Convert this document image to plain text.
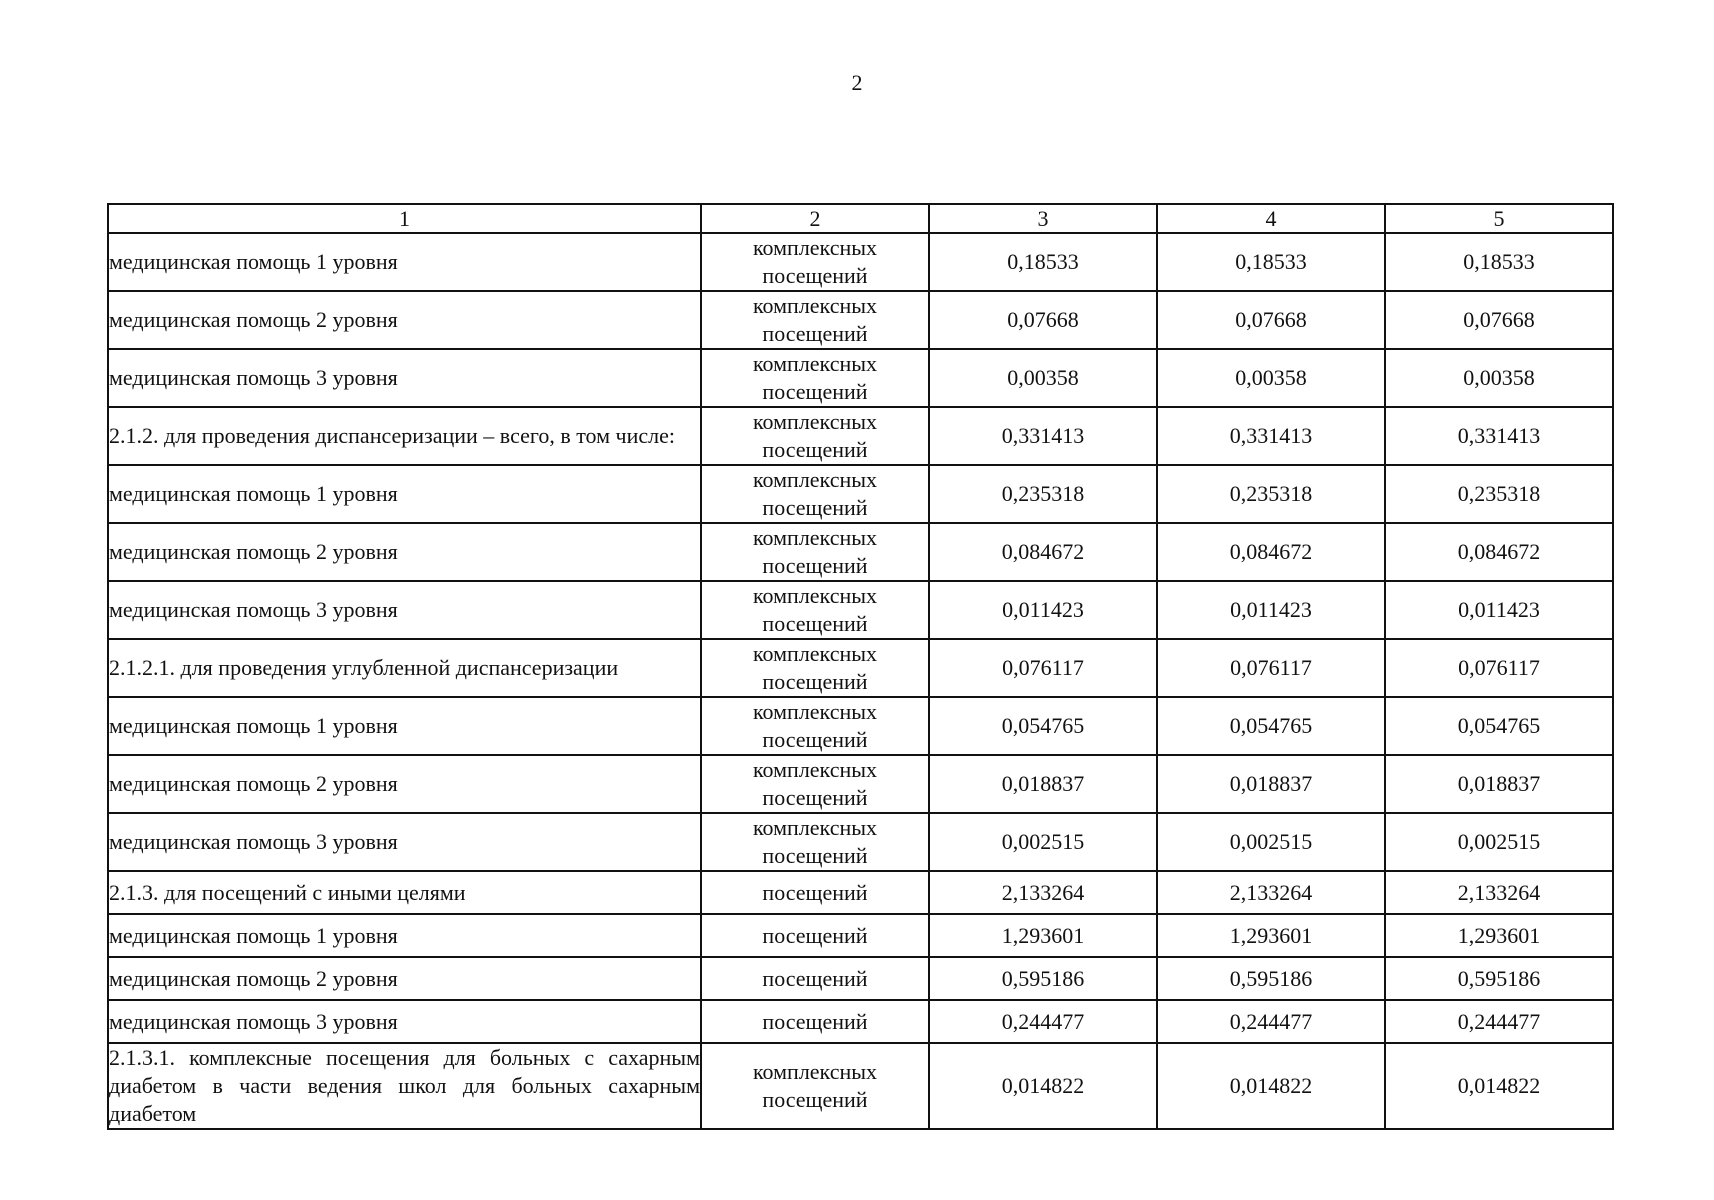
2
1	2	3	4	5
медицинская помощь 1 уровня	комплексных посещений	0,18533	0,18533	0,18533
медицинская помощь 2 уровня	комплексных посещений	0,07668	0,07668	0,07668
медицинская помощь 3 уровня	комплексных посещений	0,00358	0,00358	0,00358
2.1.2. для проведения диспансеризации – всего, в том числе:	комплексных посещений	0,331413	0,331413	0,331413
медицинская помощь 1 уровня	комплексных посещений	0,235318	0,235318	0,235318
медицинская помощь 2 уровня	комплексных посещений	0,084672	0,084672	0,084672
медицинская помощь 3 уровня	комплексных посещений	0,011423	0,011423	0,011423
2.1.2.1. для проведения углубленной диспансеризации	комплексных посещений	0,076117	0,076117	0,076117
медицинская помощь 1 уровня	комплексных посещений	0,054765	0,054765	0,054765
медицинская помощь 2 уровня	комплексных посещений	0,018837	0,018837	0,018837
медицинская помощь 3 уровня	комплексных посещений	0,002515	0,002515	0,002515
2.1.3. для посещений с иными целями	посещений	2,133264	2,133264	2,133264
медицинская помощь 1 уровня	посещений	1,293601	1,293601	1,293601
медицинская помощь 2 уровня	посещений	0,595186	0,595186	0,595186
медицинская помощь 3 уровня	посещений	0,244477	0,244477	0,244477
2.1.3.1. комплексные посещения для больных с сахарным диабетом в части ведения школ для больных сахарным диабетом	комплексных посещений	0,014822	0,014822	0,014822
